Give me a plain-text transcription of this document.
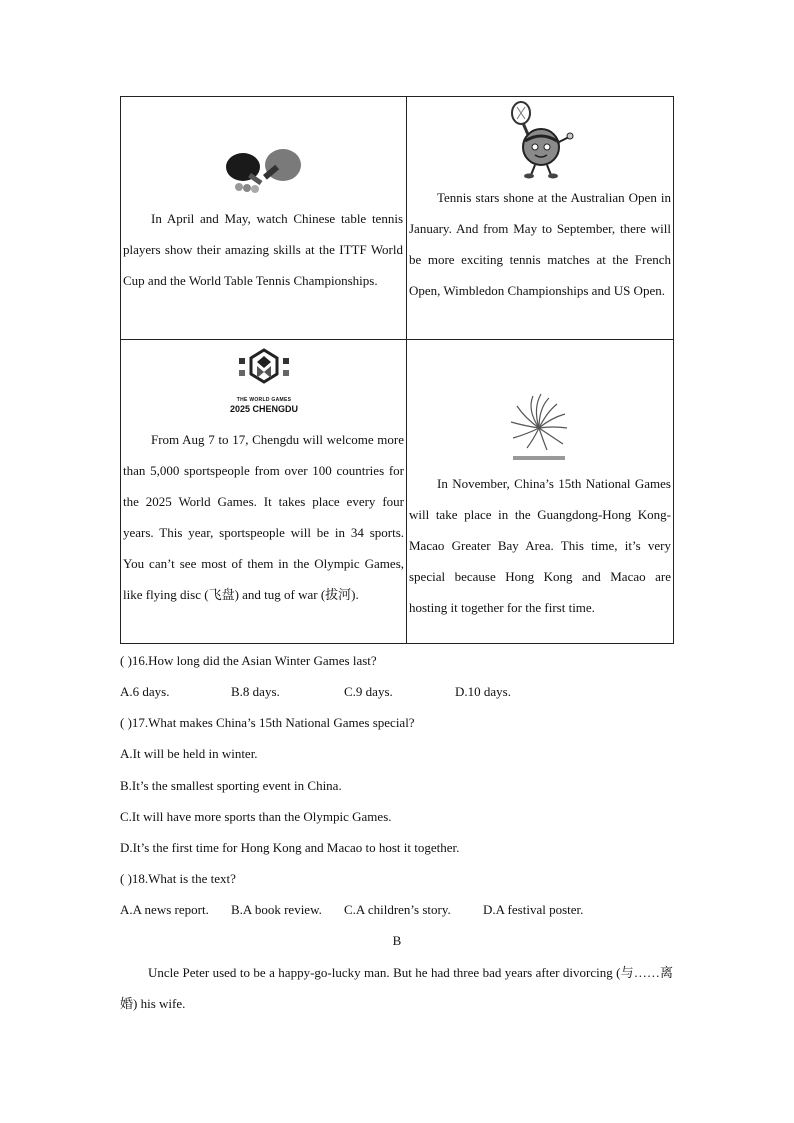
In April and May, watch Chinese table tennis players show their amazing skills at the ITTF World Cup and the World Table Tennis Championships.
Tennis stars shone at the Australian Open in January. And from May to September, there will be more exciting tennis matches at the French Open, Wimbledon Championships and US Open.
THE WORLD GAMES
2025 CHENGDU
From Aug 7 to 17, Chengdu will welcome more than 5,000 sportspeople from over 100 countries for the 2025 World Games. It takes place every four years. This year, sportspeople will be in 34 sports. You can’t see most of them in the Olympic Games, like flying disc (飞盘) and tug of war (拔河).
In November, China’s 15th National Games will take place in the Guangdong-Hong Kong-Macao Greater Bay Area. This time, it’s very special because Hong Kong and Macao are hosting it together for the first time.
( )16.How long did the Asian Winter Games last?
A.6 days.	B.8 days.	C.9 days.	D.10 days.
( )17.What makes China’s 15th National Games special?
A.It will be held in winter.
B.It’s the smallest sporting event in China.
C.It will have more sports than the Olympic Games.
D.It’s the first time for Hong Kong and Macao to host it together.
( )18.What is the text?
A.A news report. B.A book review. C.A children’s story. D.A festival poster.
B
Uncle Peter used to be a happy-go-lucky man. But he had three bad years after divorcing (与……离婚) his wife.
